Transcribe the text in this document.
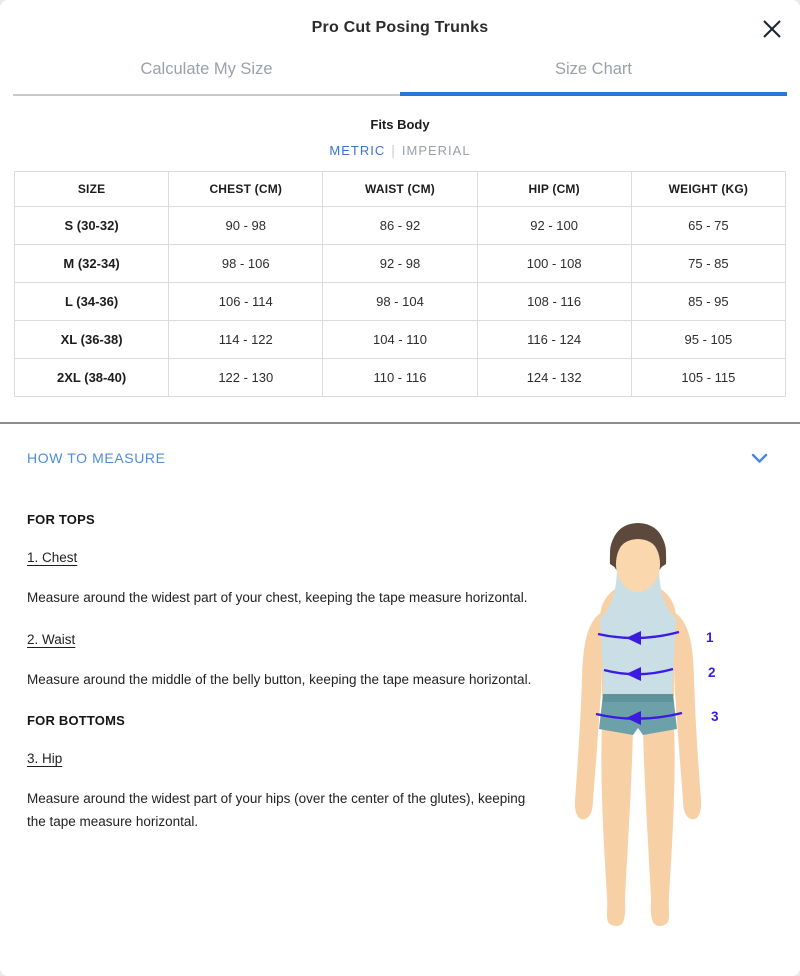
Pro Cut Posing Trunks
Calculate My Size	Size Chart
Fits Body
METRIC | IMPERIAL
SIZE	CHEST (CM)	WAIST (CM)	HIP (CM)	WEIGHT (KG)
S (30-32)	90 - 98	86 - 92	92 - 100	65 - 75
M (32-34)	98 - 106	92 - 98	100 - 108	75 - 85
L (34-36)	106 - 114	98 - 104	108 - 116	85 - 95
XL (36-38)	114 - 122	104 - 110	116 - 124	95 - 105
2XL (38-40)	122 - 130	110 - 116	124 - 132	105 - 115
HOW TO MEASURE
FOR TOPS
1. Chest

Measure around the widest part of your chest, keeping the tape measure horizontal.

2. Waist

Measure around the middle of the belly button, keeping the tape measure horizontal.

FOR BOTTOMS
3. Hip

Measure around the widest part of your hips (over the center of the glutes), keeping the tape measure horizontal.

1
2
3
